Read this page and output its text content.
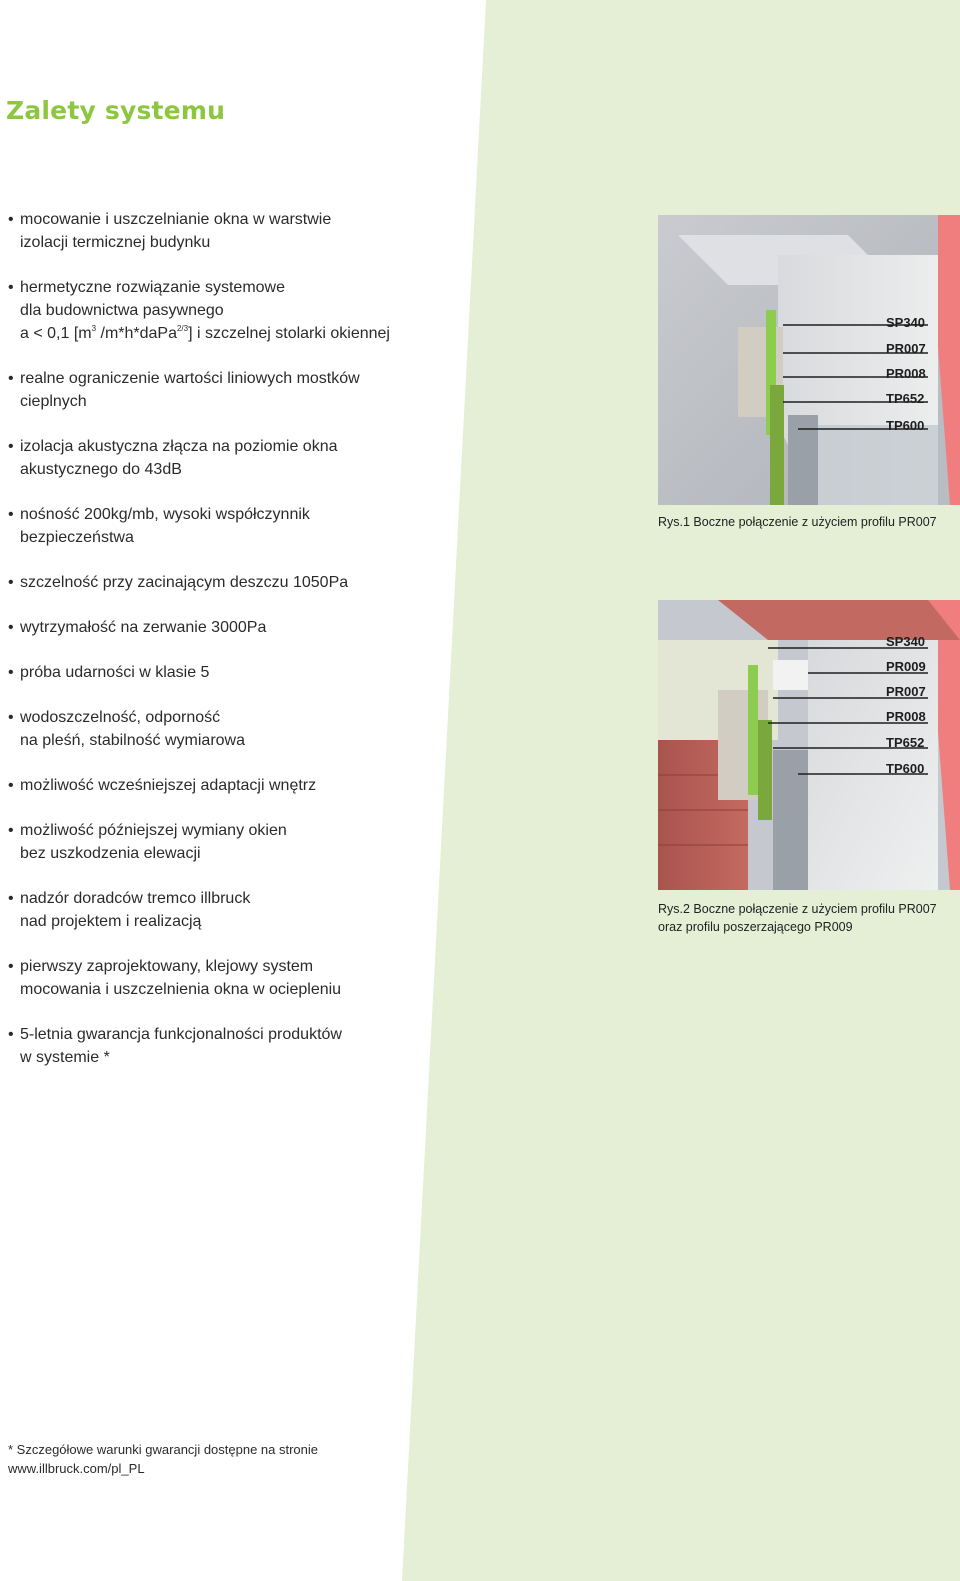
Zalety systemu
• mocowanie i uszczelnianie okna w warstwie
izolacji termicznej budynku
• hermetyczne rozwiązanie systemowe
dla budownictwa pasywnego
a < 0,1 [$m^3$ /m*h*daPa$^{2/3}$] i szczelnej stolarki okiennej
• realne ograniczenie wartości liniowych mostków
cieplnych
• izolacja akustyczna złącza na poziomie okna
akustycznego do 43dB
• nośność 200kg/mb, wysoki współczynnik
bezpieczeństwa
• szczelność przy zacinającym deszczu 1050Pa
• wytrzymałość na zerwanie 3000Pa
• próba udarności w klasie 5
• wodoszczelność, odporność
na pleśń, stabilność wymiarowa
• możliwość wcześniejszej adaptacji wnętrz
• możliwość późniejszej wymiany okien
bez uszkodzenia elewacji
• nadzór doradców tremco illbruck
nad projektem i realizacją
• pierwszy zaprojektowany, klejowy system
mocowania i uszczelnienia okna w ociepleniu
• 5-letnia gwarancja funkcjonalności produktów
w systemie *
SP340
PR007
PR008
TP652
TP600
Rys.1 Boczne połączenie z użyciem profilu PR007
SP340
PR009
PR007
PR008
TP652
TP600
Rys.2 Boczne połączenie z użyciem profilu PR007
oraz profilu poszerzającego PR009
* Szczegółowe warunki gwarancji dostępne na stronie
www.illbruck.com/pl_PL
